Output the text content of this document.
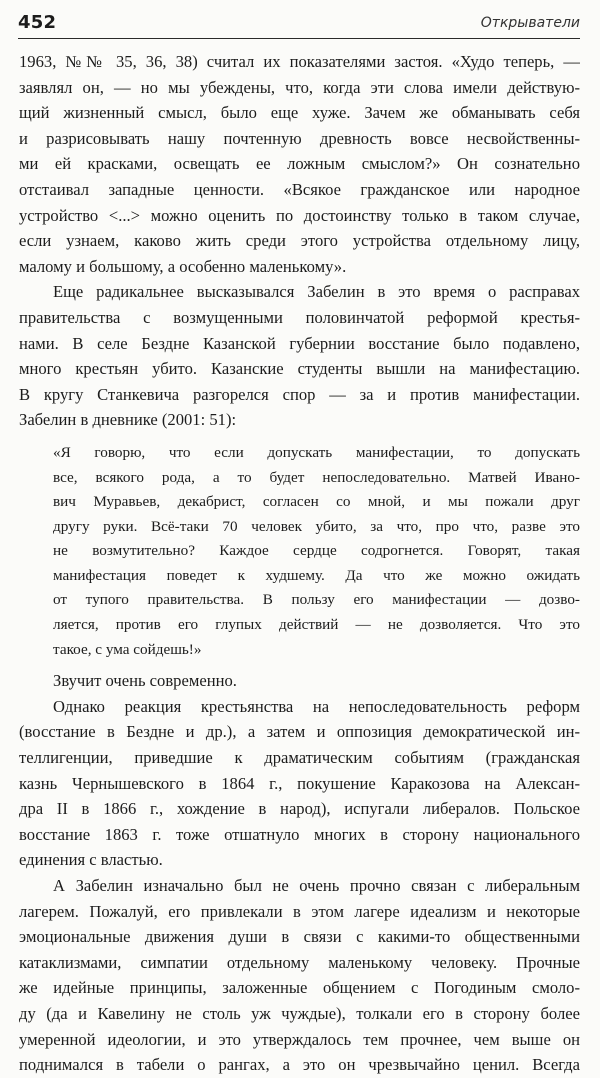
452	Открыватели
1963, №№ 35, 36, 38) считал их показателями застоя. «Худо теперь, —
заявлял он, — но мы убеждены, что, когда эти слова имели действую-
щий жизненный смысл, было еще хуже. Зачем же обманывать себя
и разрисовывать нашу почтенную древность вовсе несвойственны-
ми ей красками, освещать ее ложным смыслом?» Он сознательно
отстаивал западные ценности. «Всякое гражданское или народное
устройство <...> можно оценить по достоинству только в таком случае,
если узнаем, каково жить среди этого устройства отдельному лицу,
малому и большому, а особенно маленькому».
Еще радикальнее высказывался Забелин в это время о расправах
правительства с возмущенными половинчатой реформой крестья-
нами. В селе Бездне Казанской губернии восстание было подавлено,
много крестьян убито. Казанские студенты вышли на манифестацию.
В кругу Станкевича разгорелся спор — за и против манифестации.
Забелин в дневнике (2001: 51):
«Я говорю, что если допускать манифестации, то допускать
все, всякого рода, а то будет непоследовательно. Матвей Ивано-
вич Муравьев, декабрист, согласен со мной, и мы пожали друг
другу руки. Всё-таки 70 человек убито, за что, про что, разве это
не возмутительно? Каждое сердце содрогнется. Говорят, такая
манифестация поведет к худшему. Да что же можно ожидать
от тупого правительства. В пользу его манифестации — дозво-
ляется, против его глупых действий — не дозволяется. Что это
такое, с ума сойдешь!»
Звучит очень современно.
Однако реакция крестьянства на непоследовательность реформ
(восстание в Бездне и др.), а затем и оппозиция демократической ин-
теллигенции, приведшие к драматическим событиям (гражданская
казнь Чернышевского в 1864 г., покушение Каракозова на Алексан-
дра II в 1866 г., хождение в народ), испугали либералов. Польское
восстание 1863 г. тоже отшатнуло многих в сторону национального
единения с властью.
А Забелин изначально был не очень прочно связан с либеральным
лагерем. Пожалуй, его привлекали в этом лагере идеализм и некоторые
эмоциональные движения души в связи с какими-то общественными
катаклизмами, симпатии отдельному маленькому человеку. Прочные
же идейные принципы, заложенные общением с Погодиным смоло-
ду (да и Кавелину не столь уж чуждые), толкали его в сторону более
умеренной идеологии, и это утверждалось тем прочнее, чем выше он
поднимался в табели о рангах, а это он чрезвычайно ценил. Всегда
